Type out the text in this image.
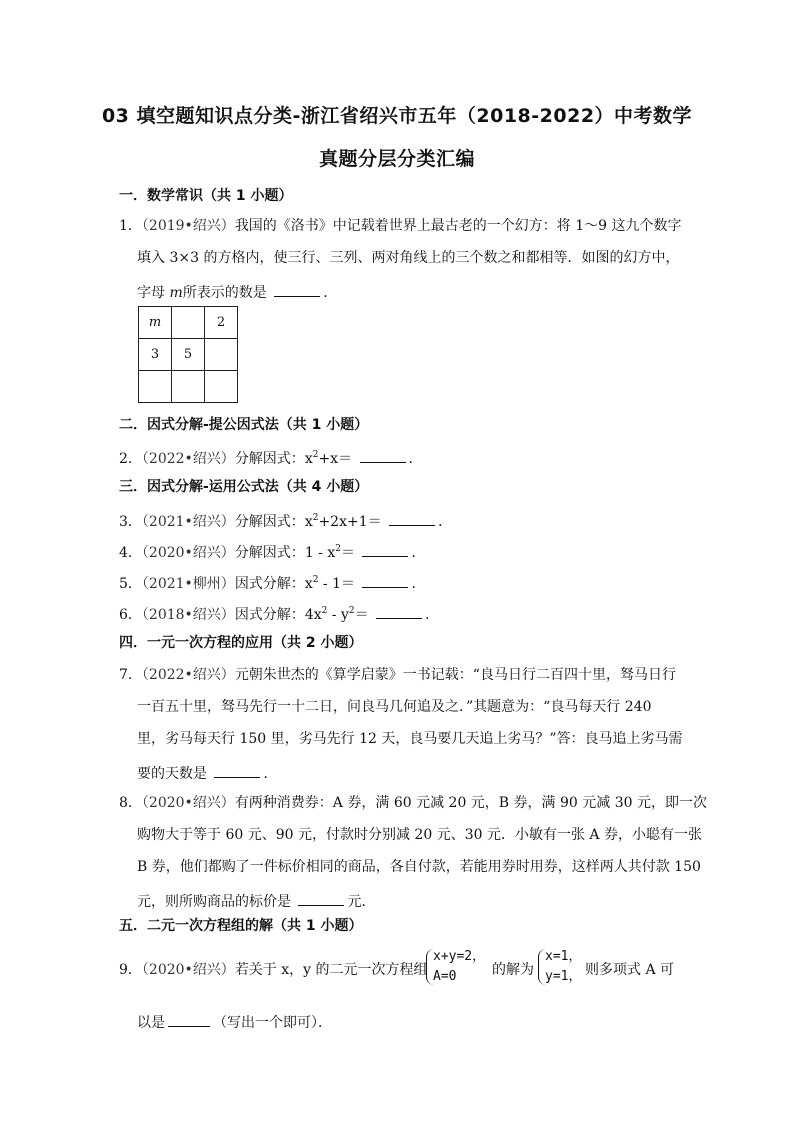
03 填空题知识点分类-浙江省绍兴市五年（2018-2022）中考数学
真题分层分类汇编
一．数学常识（共 1 小题）
1．（2019•绍兴）我国的《洛书》中记载着世界上最古老的一个幻方：将 1～9 这九个数字
填入 3×3 的方格内，使三行、三列、两对角线上的三个数之和都相等．如图的幻方中，
字母 m所表示的数是	．
m		2
3	5	

二．因式分解-提公因式法（共 1 小题）
2．（2022•绍兴）分解因式：$x^2+x=$	．
三．因式分解-运用公式法（共 4 小题）
3．（2021•绍兴）分解因式：$x^2+2x+1=$	．
4．（2020•绍兴）分解因式：$1 - x^2=$	．
5．（2021•柳州）因式分解：$x^2 - 1=$	．
6．（2018•绍兴）因式分解：$4x^2 - y^2=$	．
四．一元一次方程的应用（共 2 小题）
7．（2022•绍兴）元朝朱世杰的《算学启蒙》一书记载：“良马日行二百四十里，驽马日行
一百五十里，驽马先行一十二日，问良马几何追及之．”其题意为：“良马每天行 240
里，劣马每天行 150 里，劣马先行 12 天，良马要几天追上劣马？”答：良马追上劣马需
要的天数是	．
8．（2020•绍兴）有两种消费券：A 券，满 60 元减 20 元，B 券，满 90 元减 30 元，即一次
购物大于等于 60 元、90 元，付款时分别减 20 元、30 元．小敏有一张 A 券，小聪有一张
B 券，他们都购了一件标价相同的商品，各自付款，若能用券时用券，这样两人共付款 150
元，则所购商品的标价是	元．
五．二元一次方程组的解（共 1 小题）
9．（2020•绍兴）若关于 x，y 的二元一次方程组
x+y=2，
A=0	的解为
x=1，
y=1， 则多项式 A 可
以是	（写出一个即可）．
